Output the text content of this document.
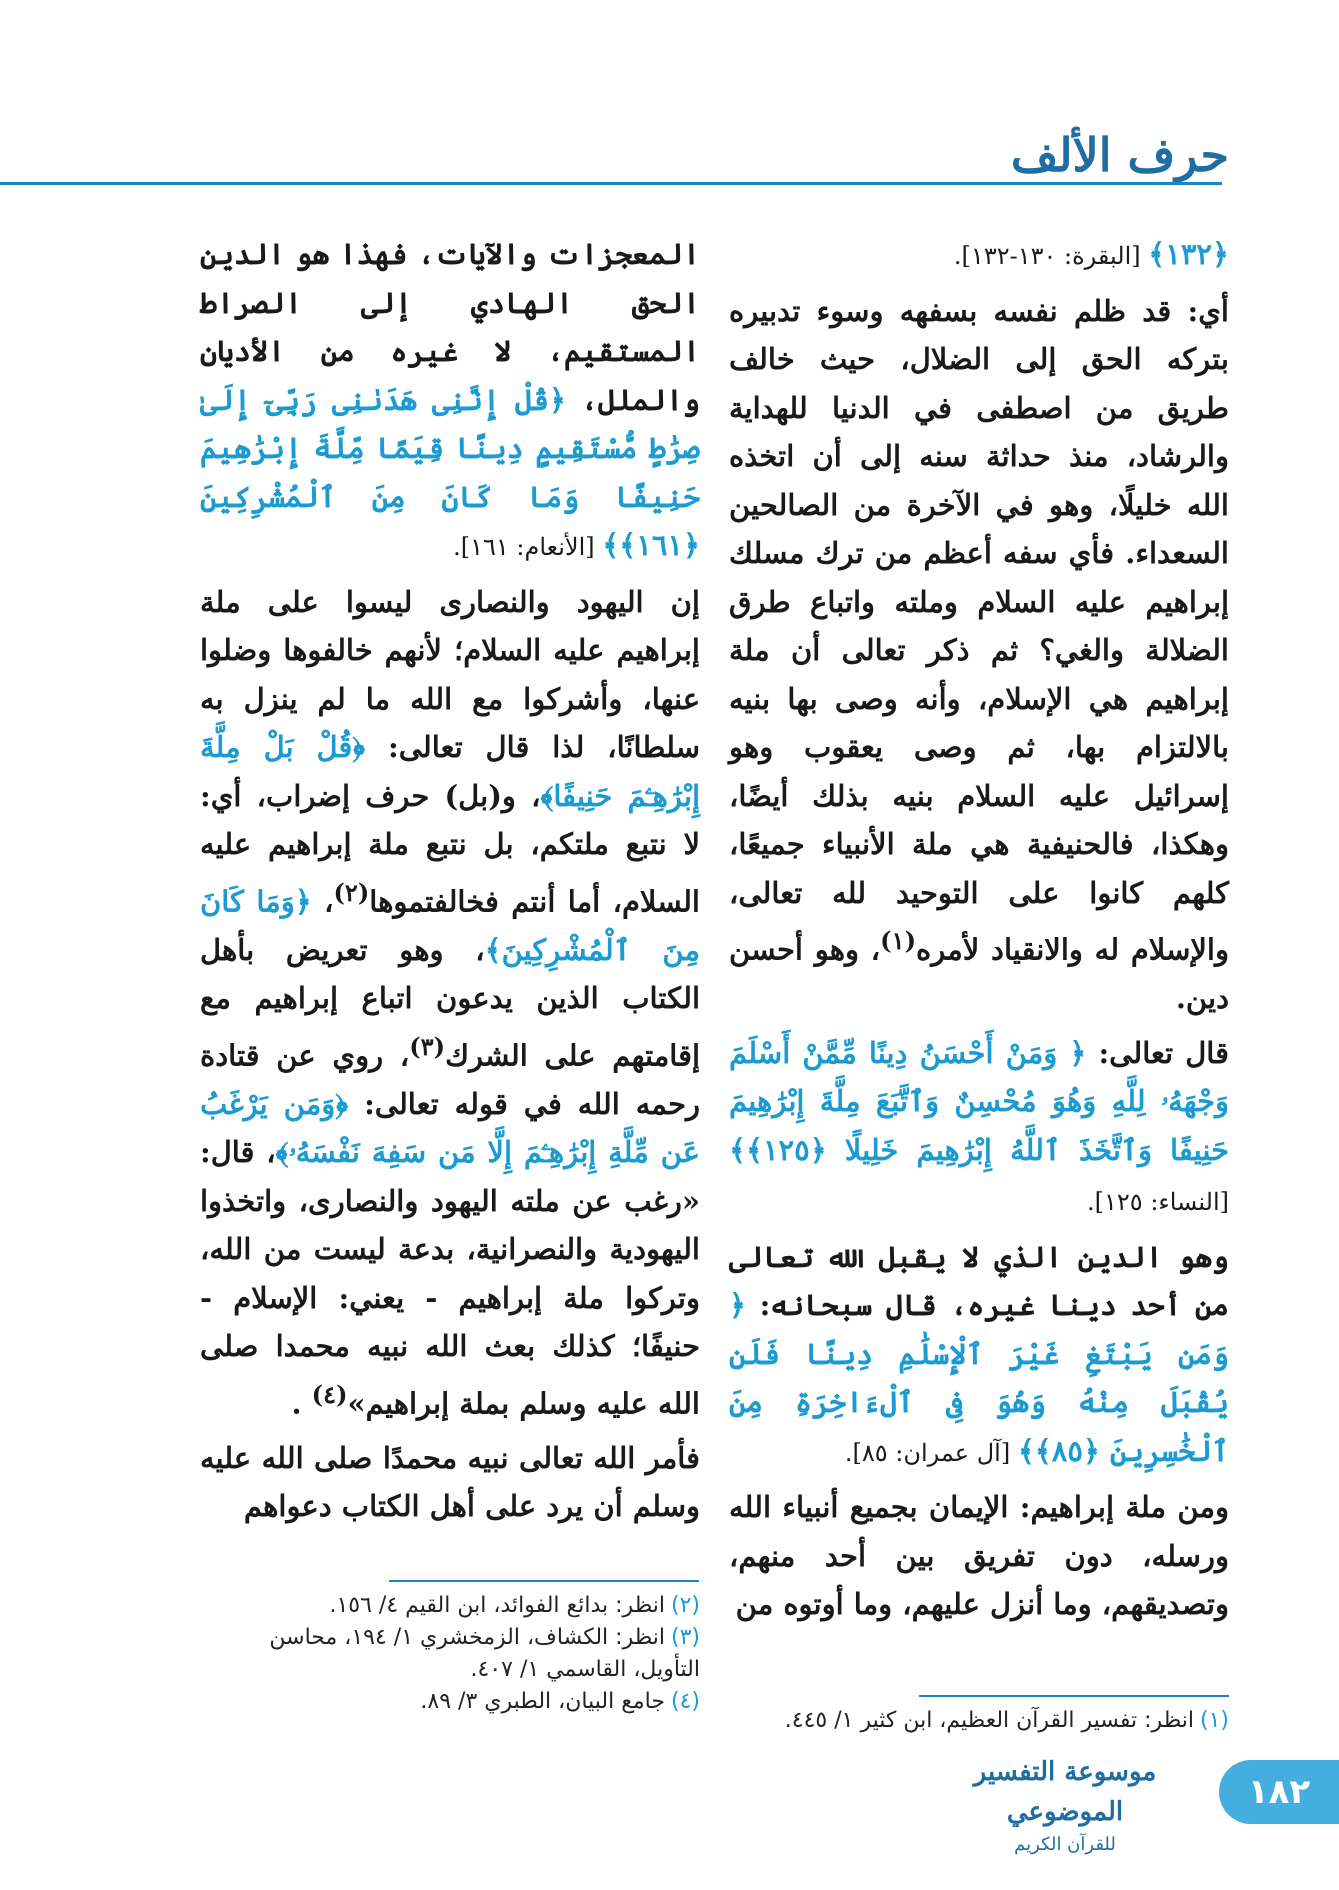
حرف الألف

﴿١٣٢﴾ [البقرة: ١٣٠-١٣٢].

أي: قد ظلم نفسه بسفهه وسوء تدبيره بتركه الحق إلى الضلال، حيث خالف طريق من اصطفى في الدنيا للهداية والرشاد، منذ حداثة سنه إلى أن اتخذه الله خليلًا، وهو في الآخرة من الصالحين السعداء. فأي سفه أعظم من ترك مسلك إبراهيم عليه السلام وملته واتباع طرق الضلالة والغي؟ ثم ذكر تعالى أن ملة إبراهيم هي الإسلام، وأنه وصى بها بنيه بالالتزام بها، ثم وصى يعقوب وهو إسرائيل عليه السلام بنيه بذلك أيضًا، وهكذا، فالحنيفية هي ملة الأنبياء جميعًا، كلهم كانوا على التوحيد لله تعالى، والإسلام له والانقياد لأمره$^{(١)}$، وهو أحسن دين.

قال تعالى: ﴿ وَمَنْ أَحْسَنُ دِينًا مِّمَّنْ أَسْلَمَ وَجْهَهُۥ لِلَّهِ وَهُوَ مُحْسِنٌ وَٱتَّبَعَ مِلَّةَ إِبْرَٰهِيمَ حَنِيفًا وَٱتَّخَذَ ٱللَّهُ إِبْرَٰهِيمَ خَلِيلًا ﴿١٢٥﴾﴾ [النساء: ١٢٥].

وهو الدين الذي لا يقبل الله تعالى من أحد دينا غيره، قال سبحانه: ﴿ وَمَن يَبْتَغِ غَيْرَ ٱلْإِسْلَٰمِ دِينًا فَلَن يُقْبَلَ مِنْهُ وَهُوَ فِى ٱلْءَاخِرَةِ مِنَ ٱلْخَٰسِرِينَ ﴿٨٥﴾﴾ [آل عمران: ٨٥].

ومن ملة إبراهيم: الإيمان بجميع أنبياء الله ورسله، دون تفريق بين أحد منهم، وتصديقهم، وما أنزل عليهم، وما أوتوه من

المعجزات والآيات، فهذا هو الدين الحق الهادي إلى الصراط المستقيم، لا غيره من الأديان والملل، ﴿قُلْ إِنَّنِى هَدَىٰنِى رَبِّىٓ إِلَىٰ صِرَٰطٍ مُّسْتَقِيمٍ دِينًا قِيَمًا مِّلَّةَ إِبْرَٰهِيمَ حَنِيفًا وَمَا كَانَ مِنَ ٱلْمُشْرِكِينَ ﴿١٦١﴾﴾ [الأنعام: ١٦١].

إن اليهود والنصارى ليسوا على ملة إبراهيم عليه السلام؛ لأنهم خالفوها وضلوا عنها، وأشركوا مع الله ما لم ينزل به سلطانًا، لذا قال تعالى: ﴿قُلْ بَلْ مِلَّةَ إِبْرَٰهِـۧمَ حَنِيفًا﴾، و(بل) حرف إضراب، أي: لا نتبع ملتكم، بل نتبع ملة إبراهيم عليه السلام، أما أنتم فخالفتموها$^{(٢)}$، ﴿وَمَا كَانَ مِنَ ٱلْمُشْرِكِينَ﴾، وهو تعريض بأهل الكتاب الذين يدعون اتباع إبراهيم مع إقامتهم على الشرك$^{(٣)}$، روي عن قتادة رحمه الله في قوله تعالى: ﴿وَمَن يَرْغَبُ عَن مِّلَّةِ إِبْرَٰهِـۧمَ إِلَّا مَن سَفِهَ نَفْسَهُۥ﴾، قال: «رغب عن ملته اليهود والنصارى، واتخذوا اليهودية والنصرانية، بدعة ليست من الله، وتركوا ملة إبراهيم - يعني: الإسلام - حنيفًا؛ كذلك بعث الله نبيه محمدا صلى الله عليه وسلم بملة إبراهيم»$^{(٤)}$ .

فأمر الله تعالى نبيه محمدًا صلى الله عليه وسلم أن يرد على أهل الكتاب دعواهم

(١)انظر: تفسير القرآن العظيم، ابن كثير ١/ ٤٤٥.

(٢)انظر: بدائع الفوائد، ابن القيم ٤/ ١٥٦.

(٣)انظر: الكشاف، الزمخشري ١/ ١٩٤، محاسن التأويل، القاسمي ١/ ٤٠٧.

(٤)جامع البيان، الطبري ٣/ ٨٩.

موسوعة التفسير الموضوعي
للقرآن الكريم
١٨٢
